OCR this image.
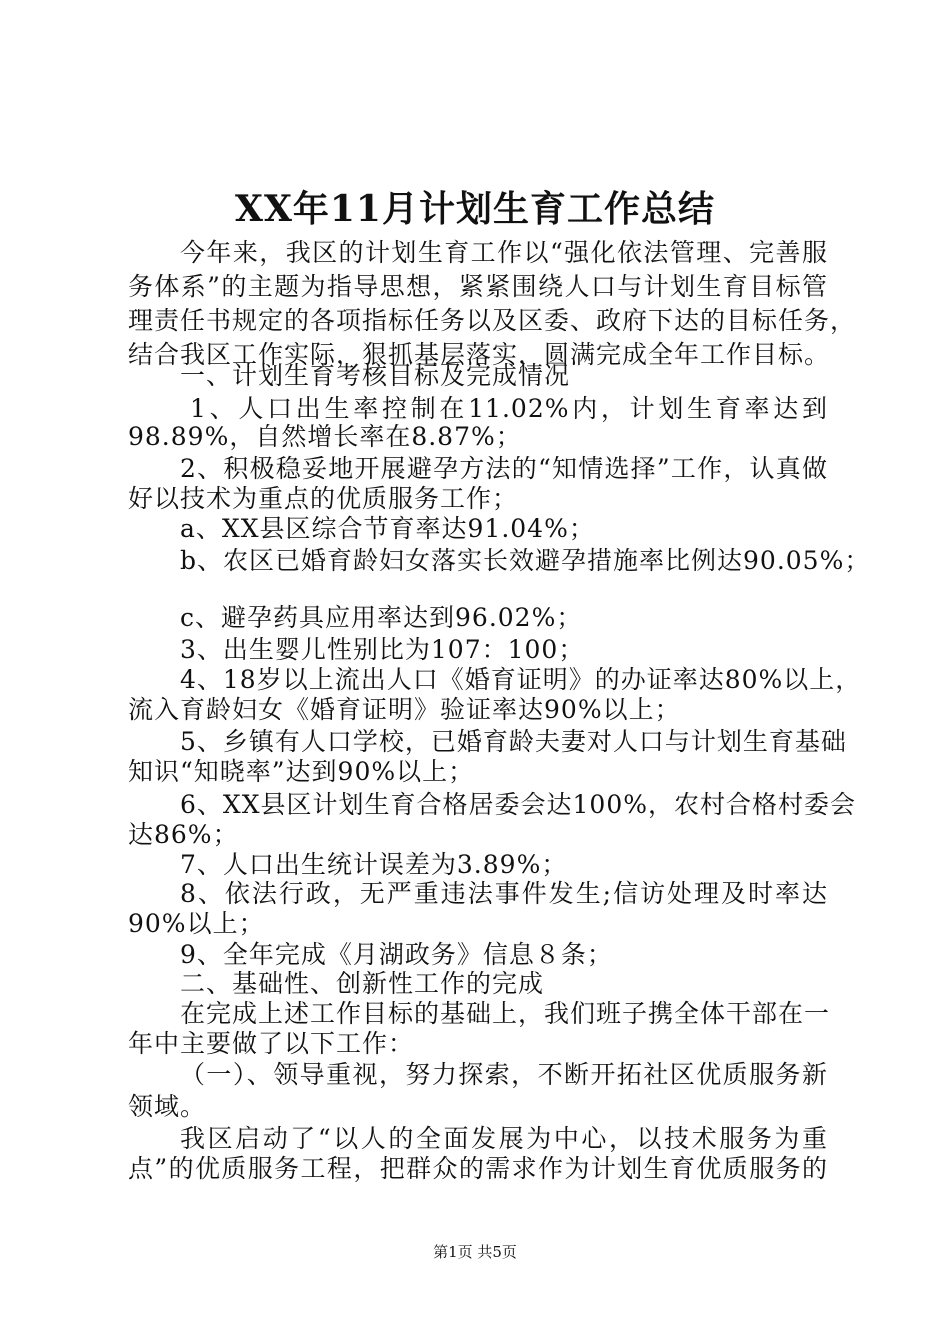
XX年11月计划生育工作总结
今年来，我区的计划生育工作以“强化依法管理、完善服
务体系”的主题为指导思想，紧紧围绕人口与计划生育目标管
理责任书规定的各项指标任务以及区委、政府下达的目标任务，
结合我区工作实际，狠抓基层落实，圆满完成全年工作目标。
一、计划生育考核目标及完成情况
1、人口出生率控制在11.02%内，计划生育率达到
98.89%，自然增长率在8.87%；
2、积极稳妥地开展避孕方法的“知情选择”工作，认真做
好以技术为重点的优质服务工作；
a、XX县区综合节育率达91.04%；
b、农区已婚育龄妇女落实长效避孕措施率比例达90.05%；
c、避孕药具应用率达到96.02%；
3、出生婴儿性别比为107：100；
4、18岁以上流出人口《婚育证明》的办证率达80%以上，
流入育龄妇女《婚育证明》验证率达90%以上；
5、乡镇有人口学校，已婚育龄夫妻对人口与计划生育基础
知识“知晓率”达到90%以上；
6、XX县区计划生育合格居委会达100%，农村合格村委会
达86%；
7、人口出生统计误差为3.89%；
8、依法行政，无严重违法事件发生;信访处理及时率达
90%以上；
9、全年完成《月湖政务》信息８条；
二、基础性、创新性工作的完成
在完成上述工作目标的基础上，我们班子携全体干部在一
年中主要做了以下工作：
（一）、领导重视，努力探索，不断开拓社区优质服务新
领域。
我区启动了“以人的全面发展为中心，以技术服务为重
点”的优质服务工程，把群众的需求作为计划生育优质服务的
第1页 共5页
